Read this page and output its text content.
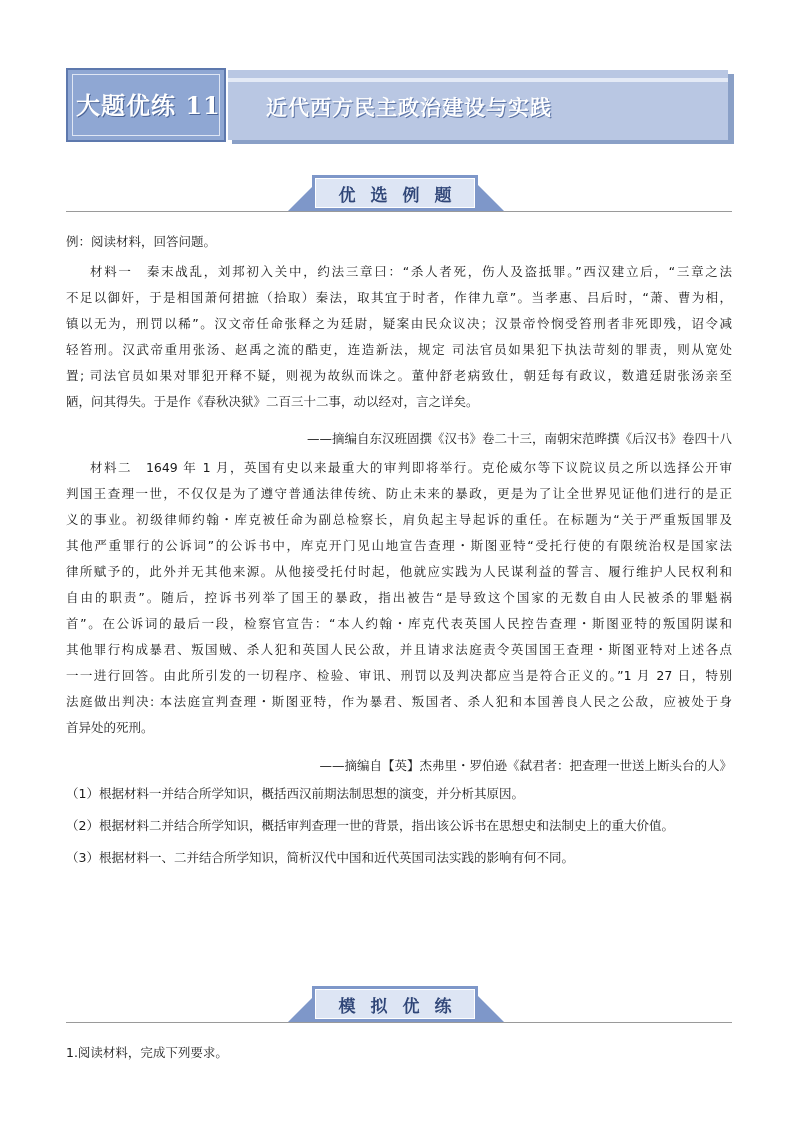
大题优练 11 近代西方民主政治建设与实践
优选例题
例：阅读材料，回答问题。
材料一　秦末战乱，刘邦初入关中，约法三章曰：“杀人者死，伤人及盗抵罪。”西汉建立后，“三章之法
不足以御奸，于是相国萧何捃摭（拾取）秦法，取其宜于时者，作律九章”。当孝惠、吕后时，“萧、曹为相，
镇以无为，刑罚以稀”。汉文帝任命张释之为廷尉，疑案由民众议决；汉景帝怜悯受笞刑者非死即残，诏令减
轻笞刑。汉武帝重用张汤、赵禹之流的酷吏，连造新法，规定 司法官员如果犯下执法苛刻的罪责，则从宽处
置; 司法官员如果对罪犯开释不疑，则视为故纵而诛之。董仲舒老病致仕，朝廷每有政议，数遣廷尉张汤亲至
陋，问其得失。于是作《春秋决狱》二百三十二事，动以经对，言之详矣。
——摘编自东汉班固撰《汉书》卷二十三，南朝宋范晔撰《后汉书》卷四十八
材料二　1649 年 1 月，英国有史以来最重大的审判即将举行。克伦威尔等下议院议员之所以选择公开审
判国王查理一世，不仅仅是为了遵守普通法律传统、防止未来的暴政，更是为了让全世界见证他们进行的是正
义的事业。初级律师约翰・库克被任命为副总检察长，肩负起主导起诉的重任。在标题为“关于严重叛国罪及
其他严重罪行的公诉词”的公诉书中，库克开门见山地宣告查理・斯图亚特“受托行使的有限统治权是国家法
律所赋予的，此外并无其他来源。从他接受托付时起，他就应实践为人民谋利益的誓言、履行维护人民权利和
自由的职责”。随后，控诉书列举了国王的暴政，指出被告“是导致这个国家的无数自由人民被杀的罪魁祸
首”。在公诉词的最后一段，检察官宣告：“本人约翰・库克代表英国人民控告查理・斯图亚特的叛国阴谋和
其他罪行构成暴君、叛国贼、杀人犯和英国人民公敌，并且请求法庭责令英国国王查理・斯图亚特对上述各点
一一进行回答。由此所引发的一切程序、检验、审讯、刑罚以及判决都应当是符合正义的。”1 月 27 日，特别
法庭做出判决: 本法庭宣判查理・斯图亚特，作为暴君、叛国者、杀人犯和本国善良人民之公敌，应被处于身
首异处的死刑。
——摘编自【英】杰弗里・罗伯逊《弑君者：把查理一世送上断头台的人》
（1）根据材料一并结合所学知识，概括西汉前期法制思想的演变，并分析其原因。
（2）根据材料二并结合所学知识，概括审判查理一世的背景，指出该公诉书在思想史和法制史上的重大价值。
（3）根据材料一、二并结合所学知识，简析汉代中国和近代英国司法实践的影响有何不同。
模拟优练
1.阅读材料，完成下列要求。
